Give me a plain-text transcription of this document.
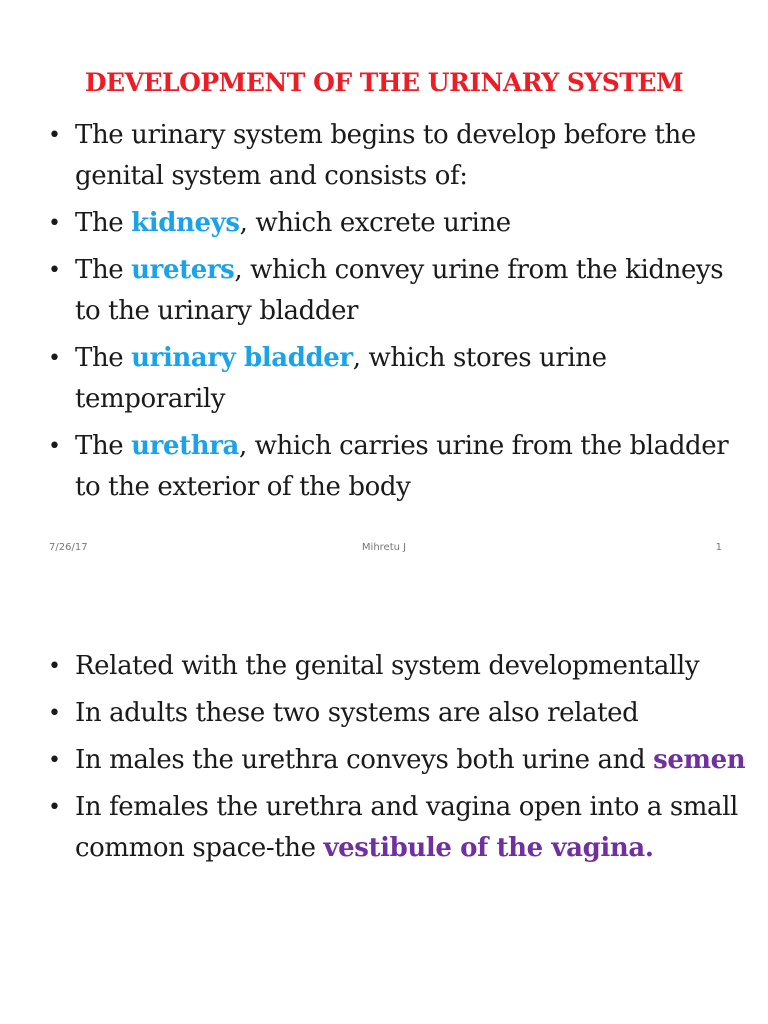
DEVELOPMENT OF THE URINARY SYSTEM
• The urinary system begins to develop before the genital system and consists of:
• The kidneys, which excrete urine
• The ureters, which convey urine from the kidneys to the urinary bladder
• The urinary bladder, which stores urine temporarily
• The urethra, which carries urine from the bladder to the exterior of the body
7/26/17	Mihretu J	1
• Related with the genital system developmentally
• In adults these two systems are also related
• In males the urethra conveys both urine and semen
• In females the urethra and vagina open into a small common space-the vestibule of the vagina.
